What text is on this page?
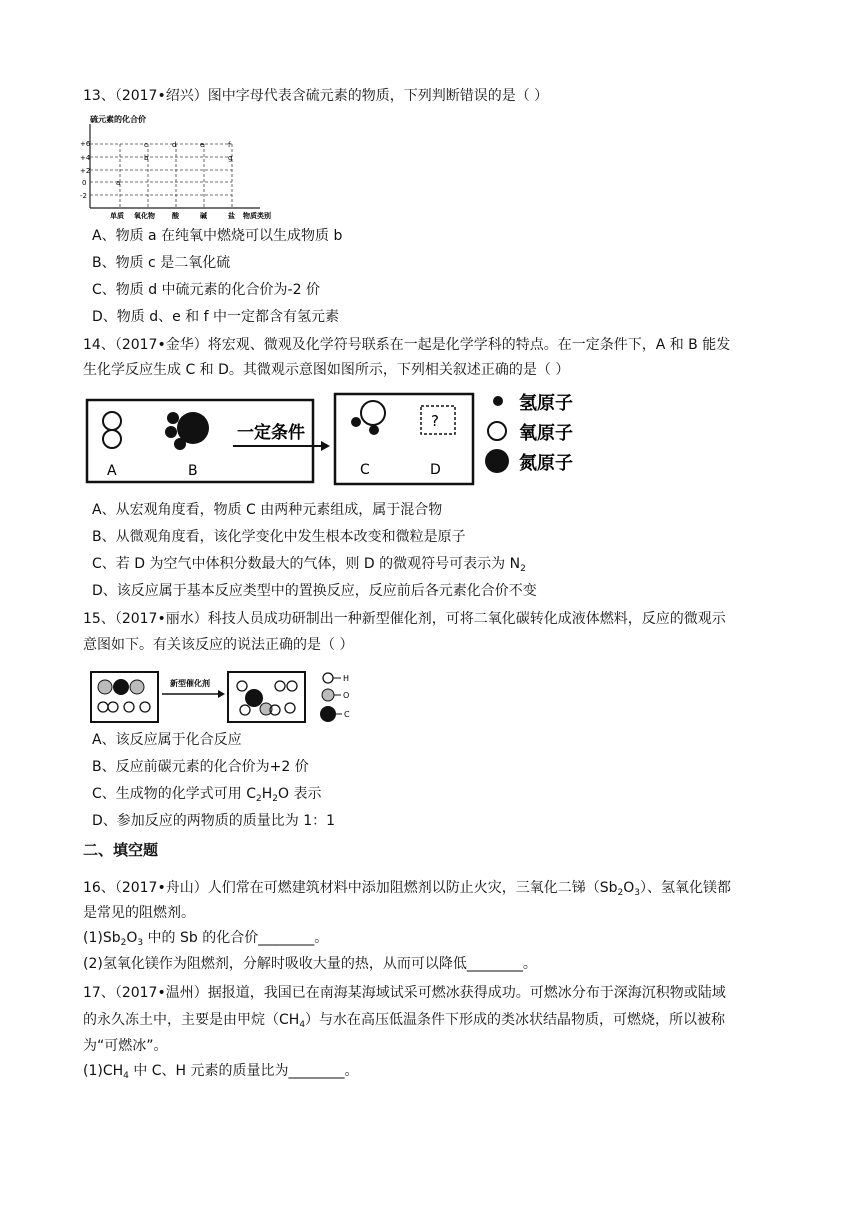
13、（2017•绍兴）图中字母代表含硫元素的物质，下列判断错误的是（ ）
硫元素的化合价
+6
+4
+2
0
-2
a
b
c	d	e	f
g
单质 氧化物 酸	碱	盐 物质类别
A、物质 a 在纯氧中燃烧可以生成物质 b
B、物质 c 是二氧化硫
C、物质 d 中硫元素的化合价为-2 价
D、物质 d、e 和 f 中一定都含有氢元素
14、（2017•金华）将宏观、微观及化学符号联系在一起是化学学科的特点。在一定条件下，A 和 B 能发
生化学反应生成 C 和 D。其微观示意图如图所示，下列相关叙述正确的是（ ）
A	B
一定条件
?
C	D
氢原子
氧原子
氮原子
A、从宏观角度看，物质 C 由两种元素组成，属于混合物
B、从微观角度看，该化学变化中发生根本改变和微粒是原子
C、若 D 为空气中体积分数最大的气体，则 D 的微观符号可表示为 $N_2$
D、该反应属于基本反应类型中的置换反应，反应前后各元素化合价不变
15、（2017•丽水）科技人员成功研制出一种新型催化剂，可将二氧化碳转化成液体燃料，反应的微观示
意图如下。有关该反应的说法正确的是（ ）
新型催化剂
H
O
C
A、该反应属于化合反应
B、反应前碳元素的化合价为+2 价
C、生成物的化学式可用 $C_2H_2O$ 表示
D、参加反应的两物质的质量比为 1：1
二、填空题
16、（2017•舟山）人们常在可燃建筑材料中添加阻燃剂以防止火灾，三氧化二锑$(Sb_2O_3)$、氢氧化镁都
是常见的阻燃剂。
$(1)Sb_2O_3$ 中的 Sb 的化合价________。
(2)氢氧化镁作为阻燃剂，分解时吸收大量的热，从而可以降低________。
17、（2017•温州）据报道，我国已在南海某海域试采可燃冰获得成功。可燃冰分布于深海沉积物或陆域
的永久冻土中，主要是由甲烷$(CH_4)$与水在高压低温条件下形成的类冰状结晶物质，可燃烧，所以被称
为“可燃冰”。
$(1)CH_4$ 中 C、H 元素的质量比为________。
